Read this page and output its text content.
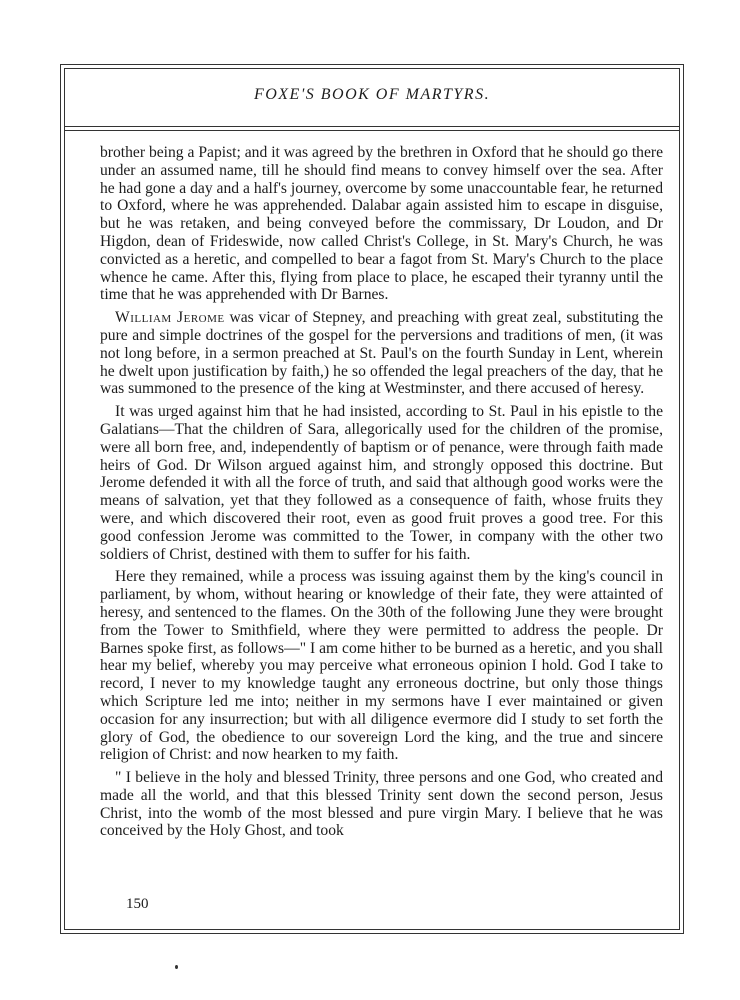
FOXE'S BOOK OF MARTYRS.

brother being a Papist; and it was agreed by the brethren in Oxford that he should go there under an assumed name, till he should find means to convey himself over the sea. After he had gone a day and a half's journey, overcome by some unaccountable fear, he returned to Oxford, where he was apprehended. Dalabar again assisted him to escape in disguise, but he was retaken, and being conveyed before the commissary, Dr Loudon, and Dr Higdon, dean of Frideswide, now called Christ's College, in St. Mary's Church, he was convicted as a heretic, and compelled to bear a fagot from St. Mary's Church to the place whence he came. After this, flying from place to place, he escaped their tyranny until the time that he was apprehended with Dr Barnes.

William Jerome was vicar of Stepney, and preaching with great zeal, substituting the pure and simple doctrines of the gospel for the perversions and traditions of men, (it was not long before, in a sermon preached at St. Paul's on the fourth Sunday in Lent, wherein he dwelt upon justification by faith,) he so offended the legal preachers of the day, that he was summoned to the presence of the king at Westminster, and there accused of heresy.

It was urged against him that he had insisted, according to St. Paul in his epistle to the Galatians—That the children of Sara, allegorically used for the children of the promise, were all born free, and, independently of baptism or of penance, were through faith made heirs of God. Dr Wilson argued against him, and strongly opposed this doctrine. But Jerome defended it with all the force of truth, and said that although good works were the means of salvation, yet that they followed as a consequence of faith, whose fruits they were, and which discovered their root, even as good fruit proves a good tree. For this good confession Jerome was committed to the Tower, in company with the other two soldiers of Christ, destined with them to suffer for his faith.

Here they remained, while a process was issuing against them by the king's council in parliament, by whom, without hearing or knowledge of their fate, they were attainted of heresy, and sentenced to the flames. On the 30th of the following June they were brought from the Tower to Smithfield, where they were permitted to address the people. Dr Barnes spoke first, as follows—" I am come hither to be burned as a heretic, and you shall hear my belief, whereby you may perceive what erroneous opinion I hold. God I take to record, I never to my knowledge taught any erroneous doctrine, but only those things which Scripture led me into; neither in my sermons have I ever maintained or given occasion for any insurrection; but with all diligence evermore did I study to set forth the glory of God, the obedience to our sovereign Lord the king, and the true and sincere religion of Christ: and now hearken to my faith.

" I believe in the holy and blessed Trinity, three persons and one God, who created and made all the world, and that this blessed Trinity sent down the second person, Jesus Christ, into the womb of the most blessed and pure virgin Mary. I believe that he was conceived by the Holy Ghost, and took

150
